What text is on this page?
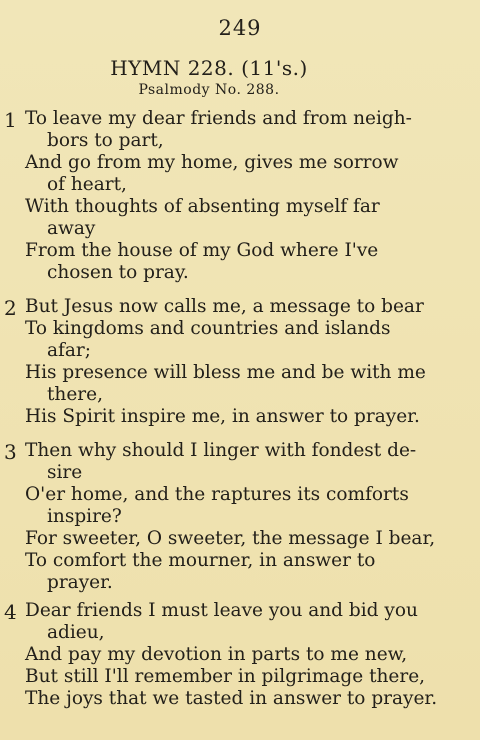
249
HYMN 228. (11's.)
Psalmody No. 288.
1 To leave my dear friends and from neigh-
bors to part,
And go from my home, gives me sorrow
of heart,
With thoughts of absenting myself far
away
From the house of my God where I've
chosen to pray.
2 But Jesus now calls me, a message to bear
To kingdoms and countries and islands
afar;
His presence will bless me and be with me
there,
His Spirit inspire me, in answer to prayer.
3 Then why should I linger with fondest de-
sire
O'er home, and the raptures its comforts
inspire?
For sweeter, O sweeter, the message I bear,
To comfort the mourner, in answer to
prayer.
4 Dear friends I must leave you and bid you
adieu,
And pay my devotion in parts to me new,
But still I'll remember in pilgrimage there,
The joys that we tasted in answer to prayer.
